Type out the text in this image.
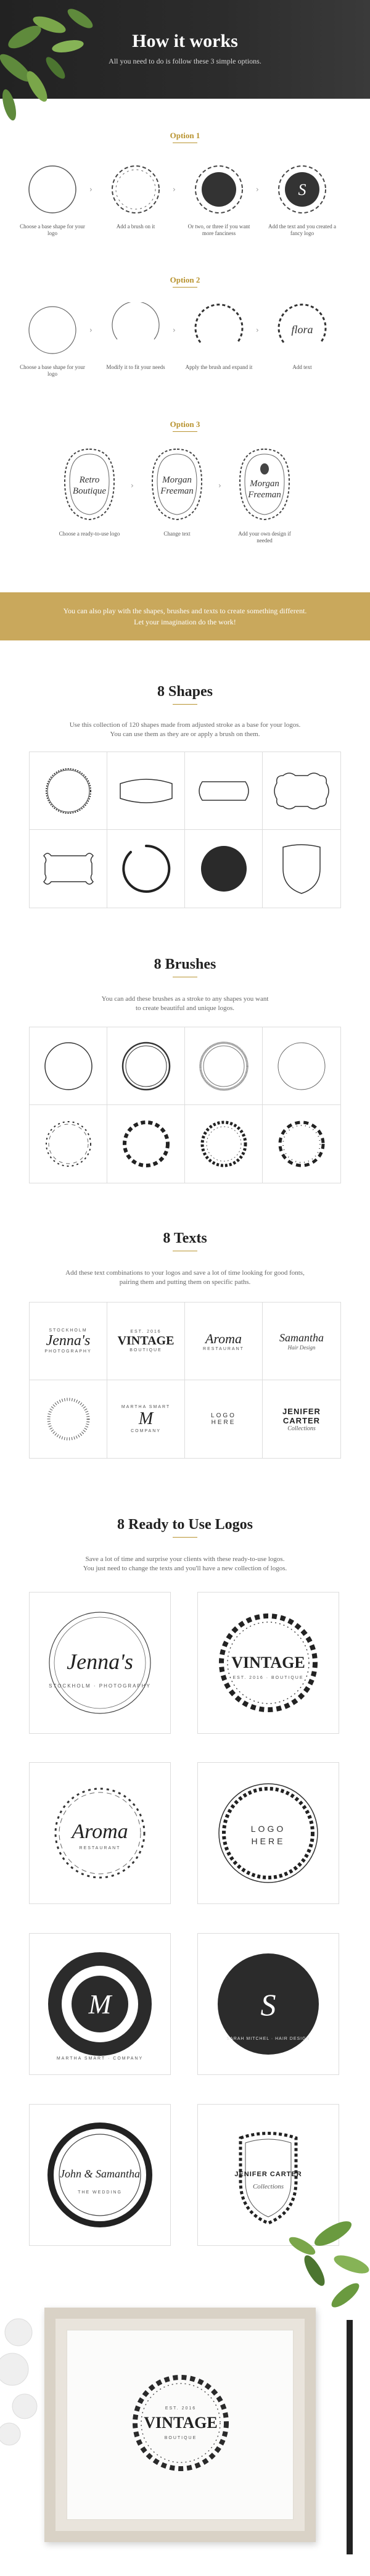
How it works

All you need to do is follow these 3 simple options.

Option 1
Choose a base shape for your logo
›
Add a brush on it
›
Or two, or three if you want more fanciness
› S
Add the text and you created a fancy logo
Option 2
Choose a base shape for your logo
›
Modify it to fit your needs
›
Apply the brush and expand it
›	flora
Add text
Option 3
Retro
Boutique
Choose a ready-to-use logo
›
Morgan
Freeman
Change text
›	Morgan
Freeman
Add your own design if needed

You can also play with the shapes, brushes and texts to create something different.

Let your imagination do the work!

8 Shapes
Use this collection of 120 shapes made from adjusted stroke as a base for your logos.
You can use them as they are or apply a brush on them.
8 Brushes
You can add these brushes as a stroke to any shapes you want
to create beautiful and unique logos.
8 Texts
Add these text combinations to your logos and save a lot of time looking for good fonts,
pairing them and putting them on specific paths.
STOCKHOLM
Jenna's
PHOTOGRAPHY
EST. 2016
VINTAGE
BOUTIQUE
Aroma
RESTAURANT
Samantha
Hair Design
MARTHA SMART
M
COMPANY
LOGO
HERE
JENIFER CARTER
Collections
8 Ready to Use Logos
Save a lot of time and surprise your clients with these ready-to-use logos.
You just need to change the texts and you'll have a new collection of logos.
Jenna's
STOCKHOLM · PHOTOGRAPHY
VINTAGE
EST. 2016 · BOUTIQUE
Aroma
RESTAURANT
LOGO
HERE
M
MARTHA SMART · COMPANY
S
SARAH MITCHEL · HAIR DESIGN
John & Samantha
THE WEDDING
JENIFER CARTER
Collections
EST. 2016
VINTAGE
BOUTIQUE
